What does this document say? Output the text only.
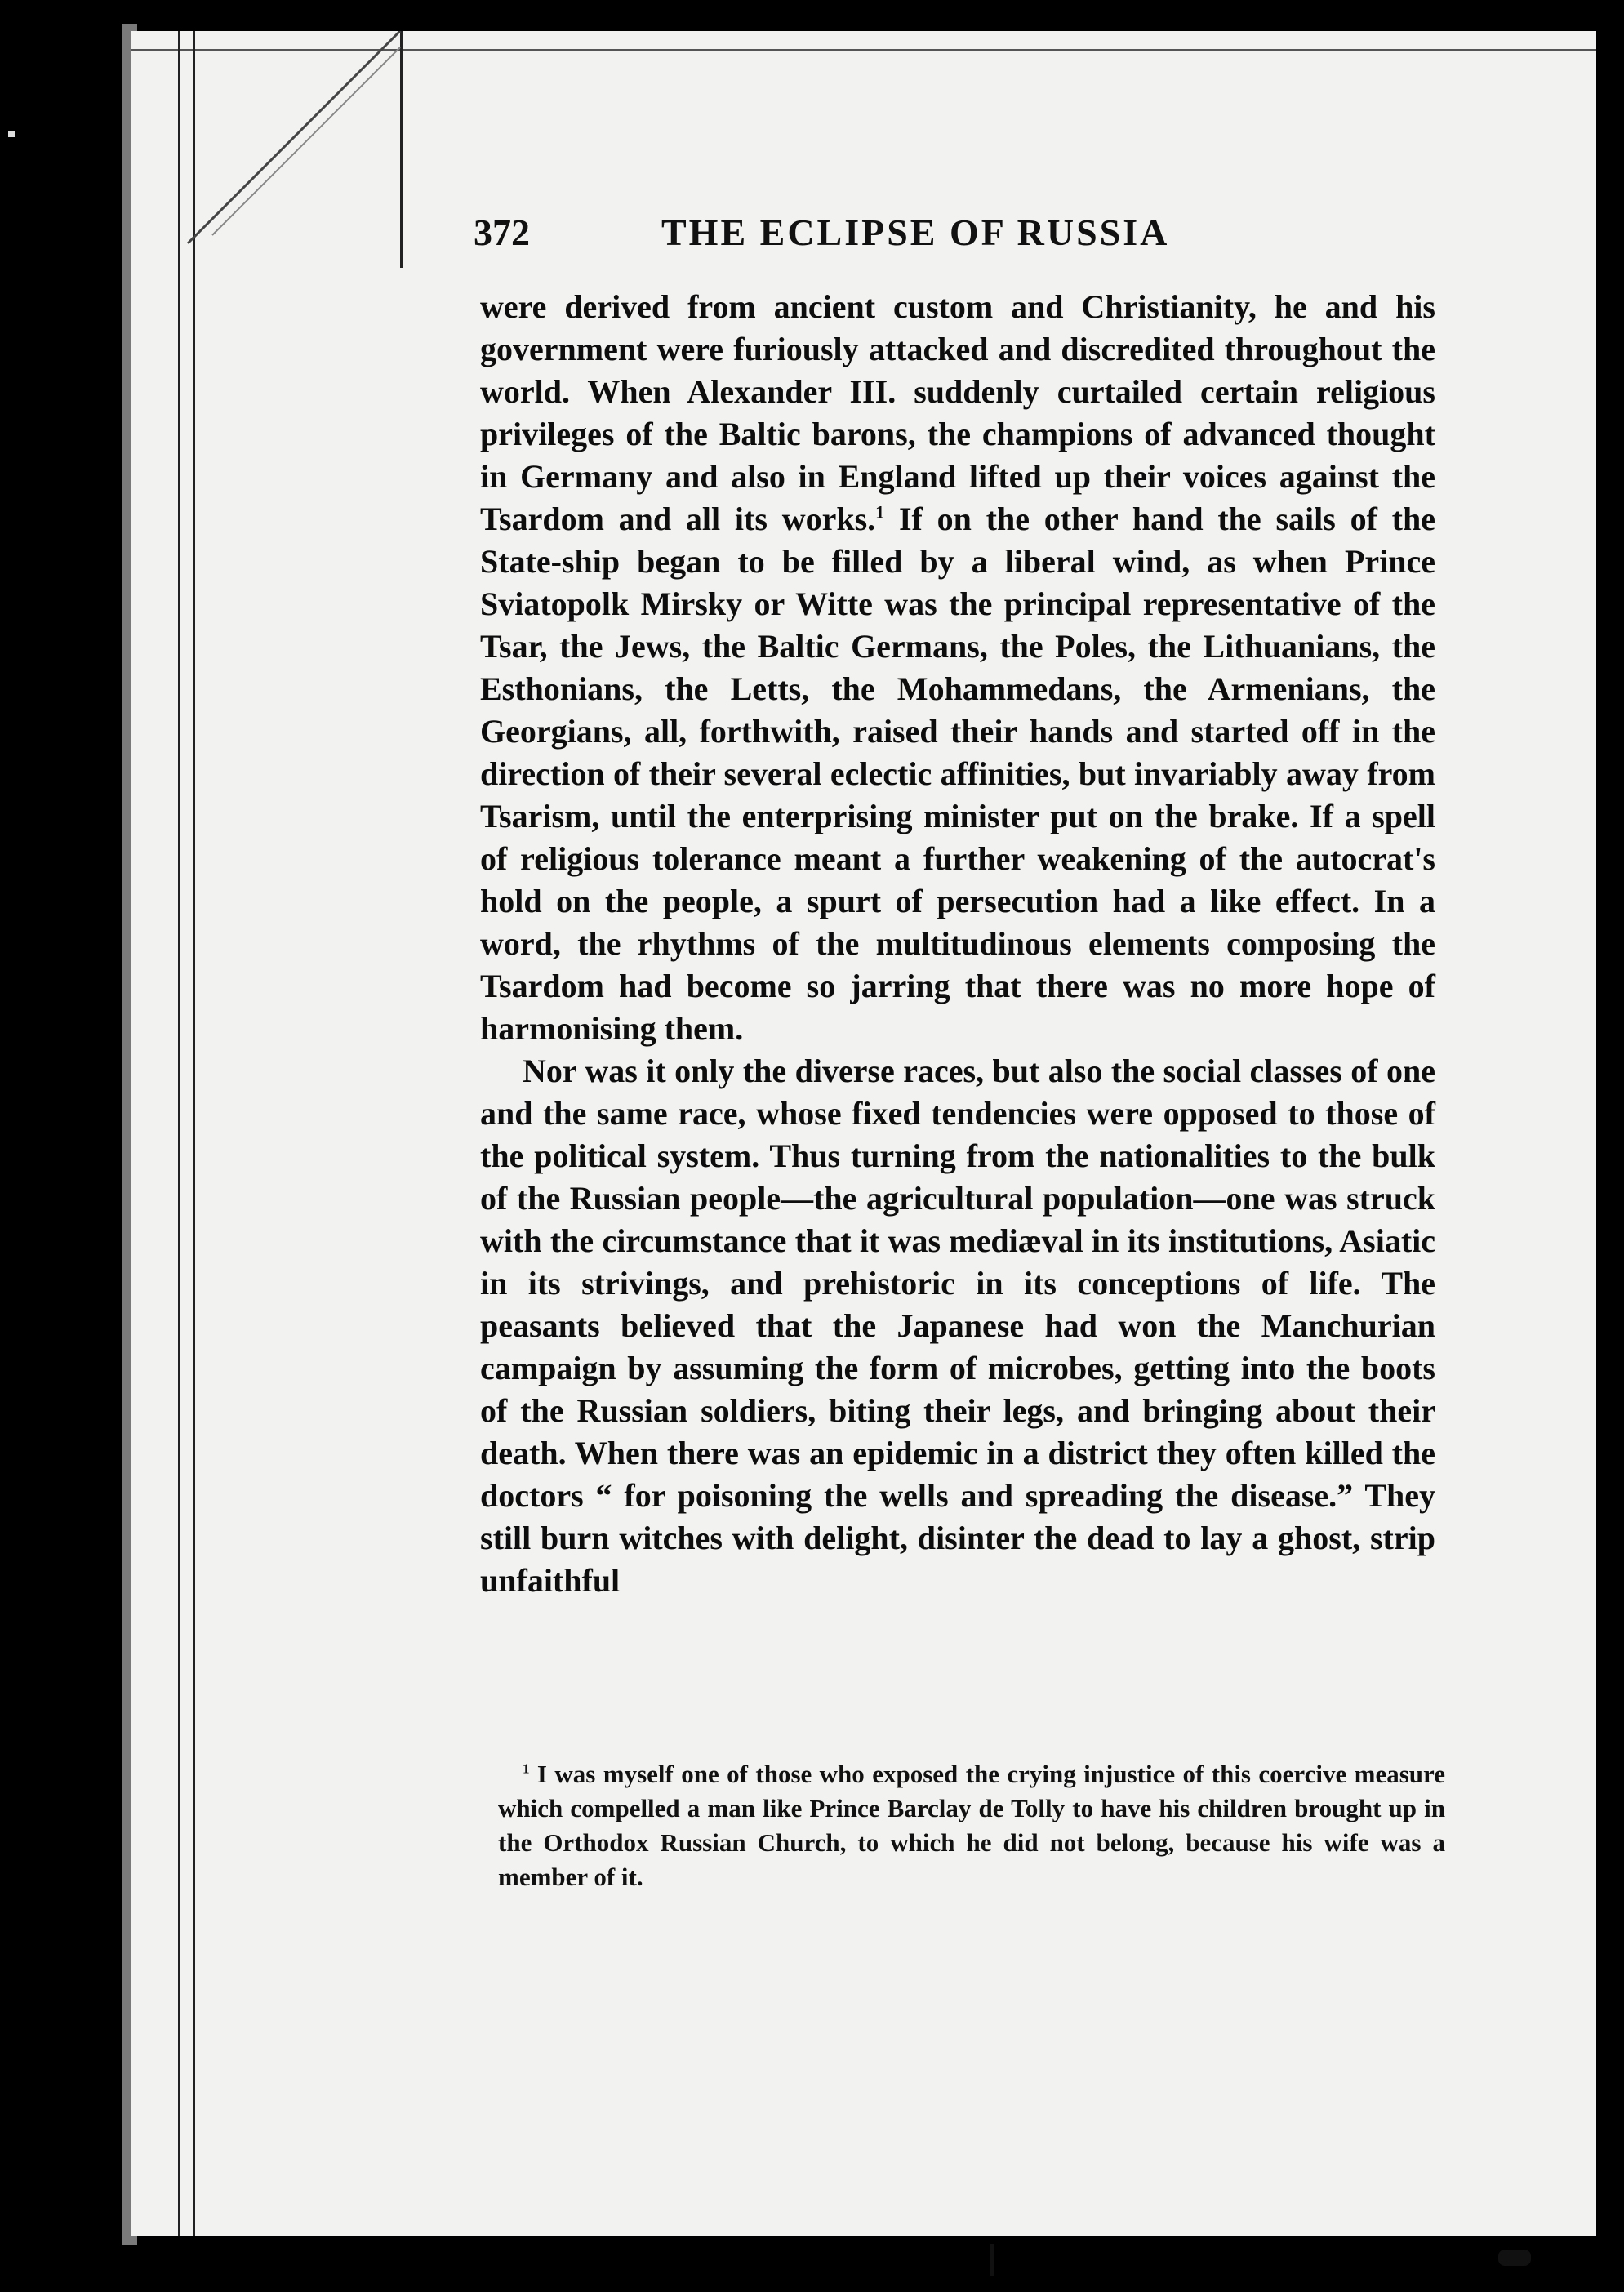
372	THE ECLIPSE OF RUSSIA

were derived from ancient custom and Christianity, he and his government were furiously attacked and discredited throughout the world. When Alexander III. suddenly curtailed certain religious privileges of the Baltic barons, the champions of advanced thought in Germany and also in England lifted up their voices against the Tsardom and all its works.$^1$ If on the other hand the sails of the State-ship began to be filled by a liberal wind, as when Prince Sviatopolk Mirsky or Witte was the principal representative of the Tsar, the Jews, the Baltic Germans, the Poles, the Lithuanians, the Esthonians, the Letts, the Mohammedans, the Armenians, the Georgians, all, forthwith, raised their hands and started off in the direction of their several eclectic affinities, but invariably away from Tsarism, until the enterprising minister put on the brake. If a spell of religious tolerance meant a further weakening of the autocrat's hold on the people, a spurt of persecution had a like effect. In a word, the rhythms of the multitudinous elements composing the Tsardom had become so jarring that there was no more hope of harmonising them.

Nor was it only the diverse races, but also the social classes of one and the same race, whose fixed tendencies were opposed to those of the political system. Thus turning from the nationalities to the bulk of the Russian people—the agricultural population—one was struck with the circumstance that it was mediæval in its institutions, Asiatic in its strivings, and prehistoric in its conceptions of life. The peasants believed that the Japanese had won the Manchurian campaign by assuming the form of microbes, getting into the boots of the Russian soldiers, biting their legs, and bringing about their death. When there was an epidemic in a district they often killed the doctors “ for poisoning the wells and spreading the disease.” They still burn witches with delight, disinter the dead to lay a ghost, strip unfaithful

$^1$ I was myself one of those who exposed the crying injustice of this coercive measure which compelled a man like Prince Barclay de Tolly to have his children brought up in the Orthodox Russian Church, to which he did not belong, because his wife was a member of it.
